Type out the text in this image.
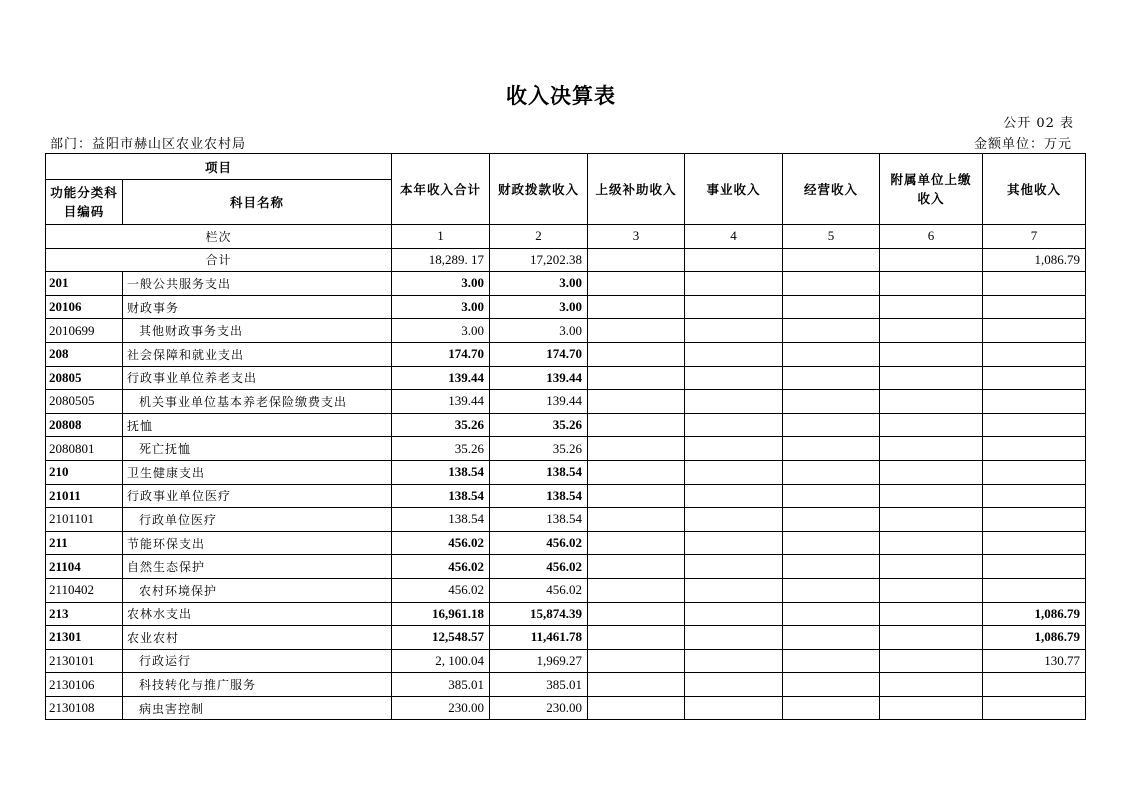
收入决算表
公开 02 表
部门：益阳市赫山区农业农村局	金额单位：万元
项目		本年收入合计	财政拨款收入	上级补助收入	事业收入	经营收入	附属单位上缴收入	其他收入
功能分类科目编码	科目名称							
栏次		1	2	3	4	5	6	7
合计		18,289. 17	17,202.38					1,086.79
201	一般公共服务支出	3.00	3.00					
20106	财政事务	3.00	3.00					
2010699	其他财政事务支出	3.00	3.00					
208	社会保障和就业支出	174.70	174.70					
20805	行政事业单位养老支出	139.44	139.44					
2080505	机关事业单位基本养老保险缴费支出	139.44	139.44					
20808	抚恤	35.26	35.26					
2080801	死亡抚恤	35.26	35.26					
210	卫生健康支出	138.54	138.54					
21011	行政事业单位医疗	138.54	138.54					
2101101	行政单位医疗	138.54	138.54					
211	节能环保支出	456.02	456.02					
21104	自然生态保护	456.02	456.02					
2110402	农村环境保护	456.02	456.02					
213	农林水支出	16,961.18	15,874.39					1,086.79
21301	农业农村	12,548.57	11,461.78					1,086.79
2130101	行政运行	2, 100.04	1,969.27					130.77
2130106	科技转化与推广服务	385.01	385.01					
2130108	病虫害控制	230.00	230.00					
